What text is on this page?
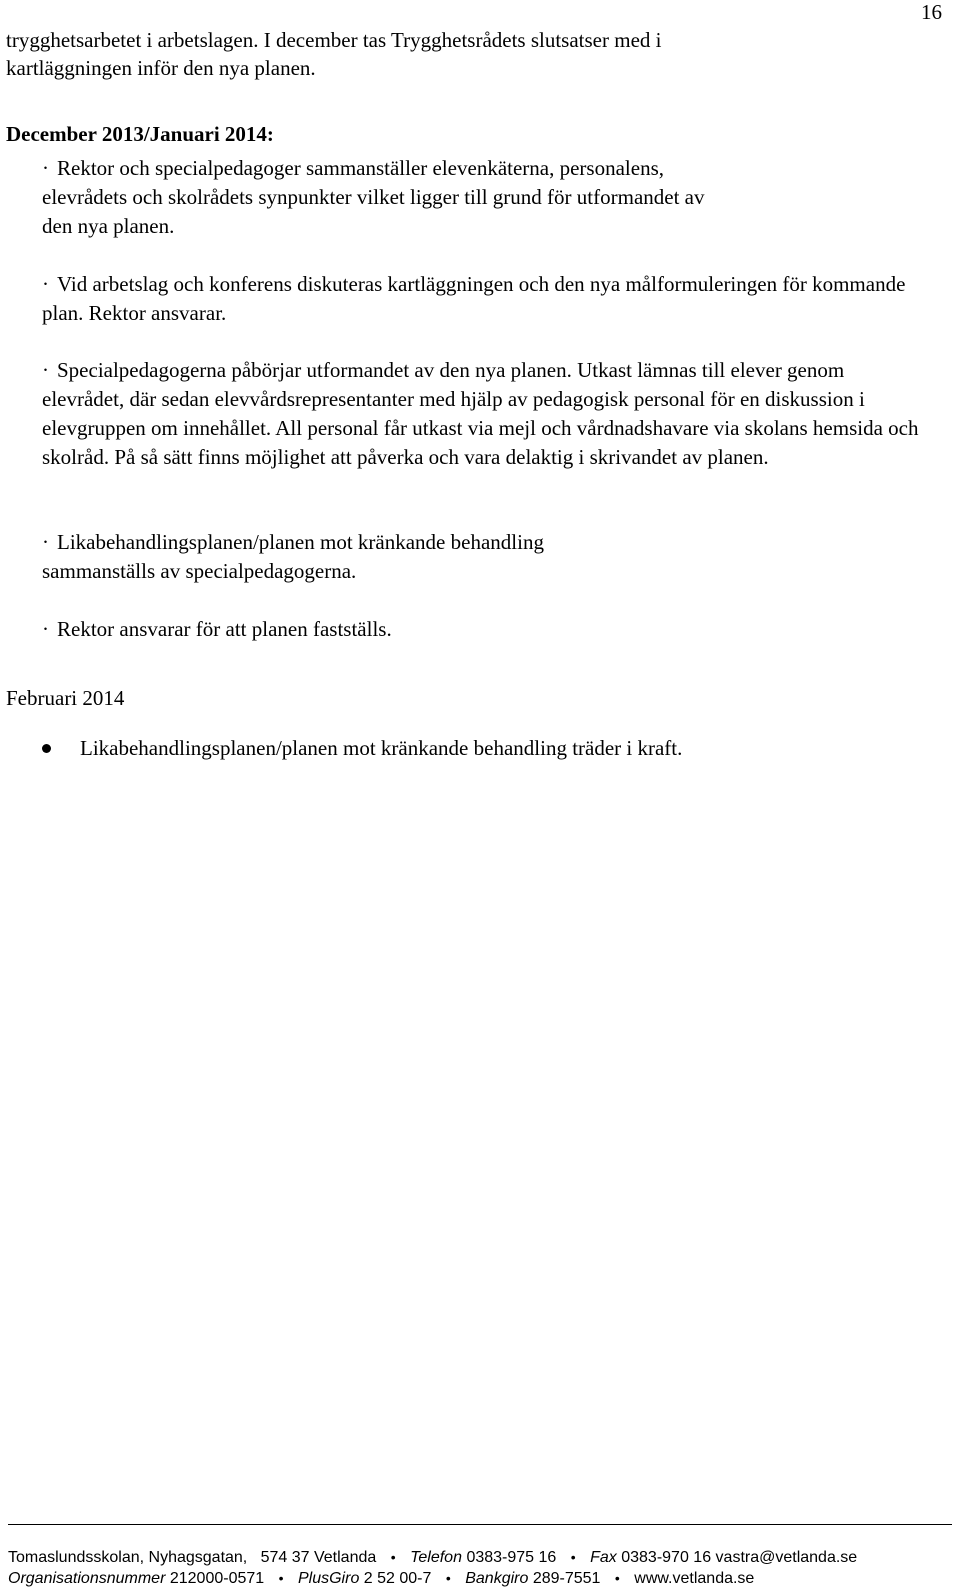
16
trygghetsarbetet i arbetslagen. I december tas Trygghetsrådets slutsatser med i
kartläggningen inför den nya planen.
December 2013/Januari 2014:
· Rektor och specialpedagoger sammanställer elevenkäterna, personalens, elevrådets och skolrådets synpunkter vilket ligger till grund för utformandet av den nya planen.
· Vid arbetslag och konferens diskuteras kartläggningen och den nya målformuleringen för kommande plan. Rektor ansvarar.
· Specialpedagogerna påbörjar utformandet av den nya planen. Utkast lämnas till elever genom elevrådet, där sedan elevvårdsrepresentanter med hjälp av pedagogisk personal för en diskussion i elevgruppen om innehållet. All personal får utkast via mejl och vårdnadshavare via skolans hemsida och skolråd. På så sätt finns möjlighet att påverka och vara delaktig i skrivandet av planen.
· Likabehandlingsplanen/planen mot kränkande behandling sammanställs av specialpedagogerna.
· Rektor ansvarar för att planen fastställs.
Februari 2014
Likabehandlingsplanen/planen mot kränkande behandling träder i kraft.
Tomaslundsskolan, Nyhagsgatan, 574 37 Vetlanda • Telefon 0383-975 16 • Fax 0383-970 16 vastra@vetlanda.se
Organisationsnummer 212000-0571 • PlusGiro 2 52 00-7 • Bankgiro 289-7551 • www.vetlanda.se
